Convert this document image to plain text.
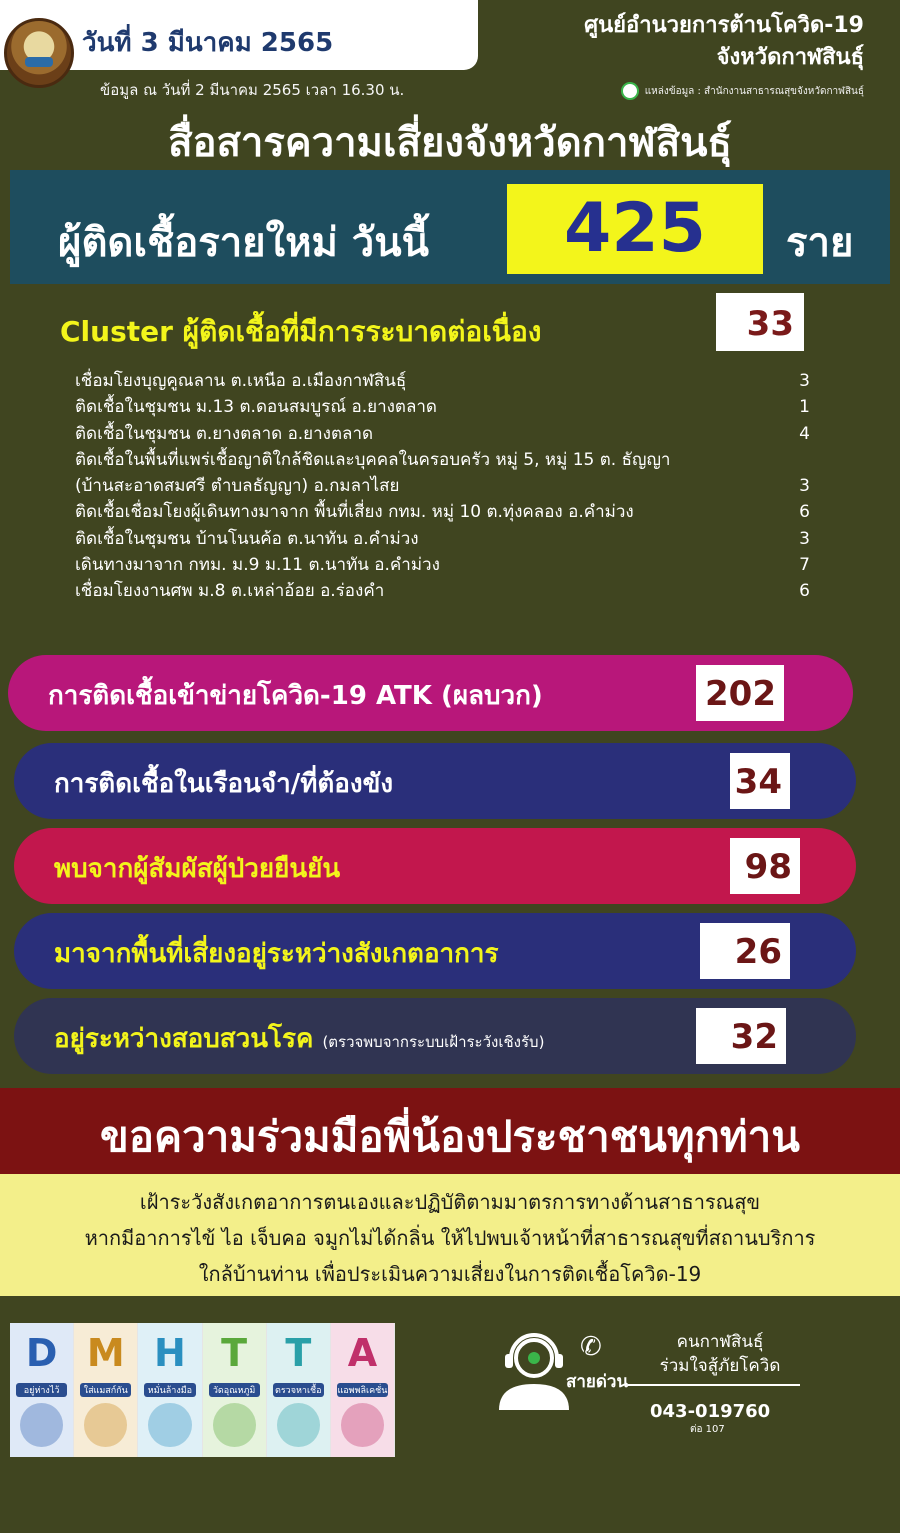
วันที่ 3 มีนาคม 2565
ข้อมูล ณ วันที่ 2 มีนาคม 2565 เวลา 16.30 น.
ศูนย์อำนวยการต้านโควิด-19
จังหวัดกาฬสินธุ์
แหล่งข้อมูล : สำนักงานสาธารณสุขจังหวัดกาฬสินธุ์
สื่อสารความเสี่ยงจังหวัดกาฬสินธุ์
ผู้ติดเชื้อรายใหม่ วันนี้	425	ราย
Cluster ผู้ติดเชื้อที่มีการระบาดต่อเนื่อง	33
เชื่อมโยงบุญคูณลาน ต.เหนือ อ.เมืองกาฬสินธุ์	3
ติดเชื้อในชุมชน ม.13 ต.ดอนสมบูรณ์ อ.ยางตลาด	1
ติดเชื้อในชุมชน ต.ยางตลาด อ.ยางตลาด	4
ติดเชื้อในพื้นที่แพร่เชื้อญาติใกล้ชิดและบุคคลในครอบครัว หมู่ 5, หมู่ 15 ต. ธัญญา
(บ้านสะอาดสมศรี ตำบลธัญญา) อ.กมลาไสย	3
ติดเชื้อเชื่อมโยงผู้เดินทางมาจาก พื้นที่เสี่ยง กทม. หมู่ 10 ต.ทุ่งคลอง อ.คำม่วง	6
ติดเชื้อในชุมชน บ้านโนนค้อ ต.นาทัน อ.คำม่วง	3
เดินทางมาจาก กทม. ม.9 ม.11 ต.นาทัน อ.คำม่วง	7
เชื่อมโยงงานศพ ม.8 ต.เหล่าอ้อย อ.ร่องคำ	6
การติดเชื้อเข้าข่ายโควิด-19 ATK (ผลบวก)	202
การติดเชื้อในเรือนจำ/ที่ต้องขัง	34
พบจากผู้สัมผัสผู้ป่วยยืนยัน	98
มาจากพื้นที่เสี่ยงอยู่ระหว่างสังเกตอาการ	26
อยู่ระหว่างสอบสวนโรค (ตรวจพบจากระบบเฝ้าระวังเชิงรับ)	32
ขอความร่วมมือพี่น้องประชาชนทุกท่าน
เฝ้าระวังสังเกตอาการตนเองและปฏิบัติตามมาตรการทางด้านสาธารณสุข
หากมีอาการไข้ ไอ เจ็บคอ จมูกไม่ได้กลิ่น ให้ไปพบเจ้าหน้าที่สาธารณสุขที่สถานบริการ
ใกล้บ้านท่าน เพื่อประเมินความเสี่ยงในการติดเชื้อโควิด-19
D
อยู่ห่างไว้
M
ใส่แมสก์กัน
H
หมั่นล้างมือ
T
วัดอุณหภูมิ
T
ตรวจหาเชื้อ
A
แอพพลิเคชั่น
✆
สายด่วน
คนกาฬสินธุ์
ร่วมใจสู้ภัยโควิด
043-019760
ต่อ 107
